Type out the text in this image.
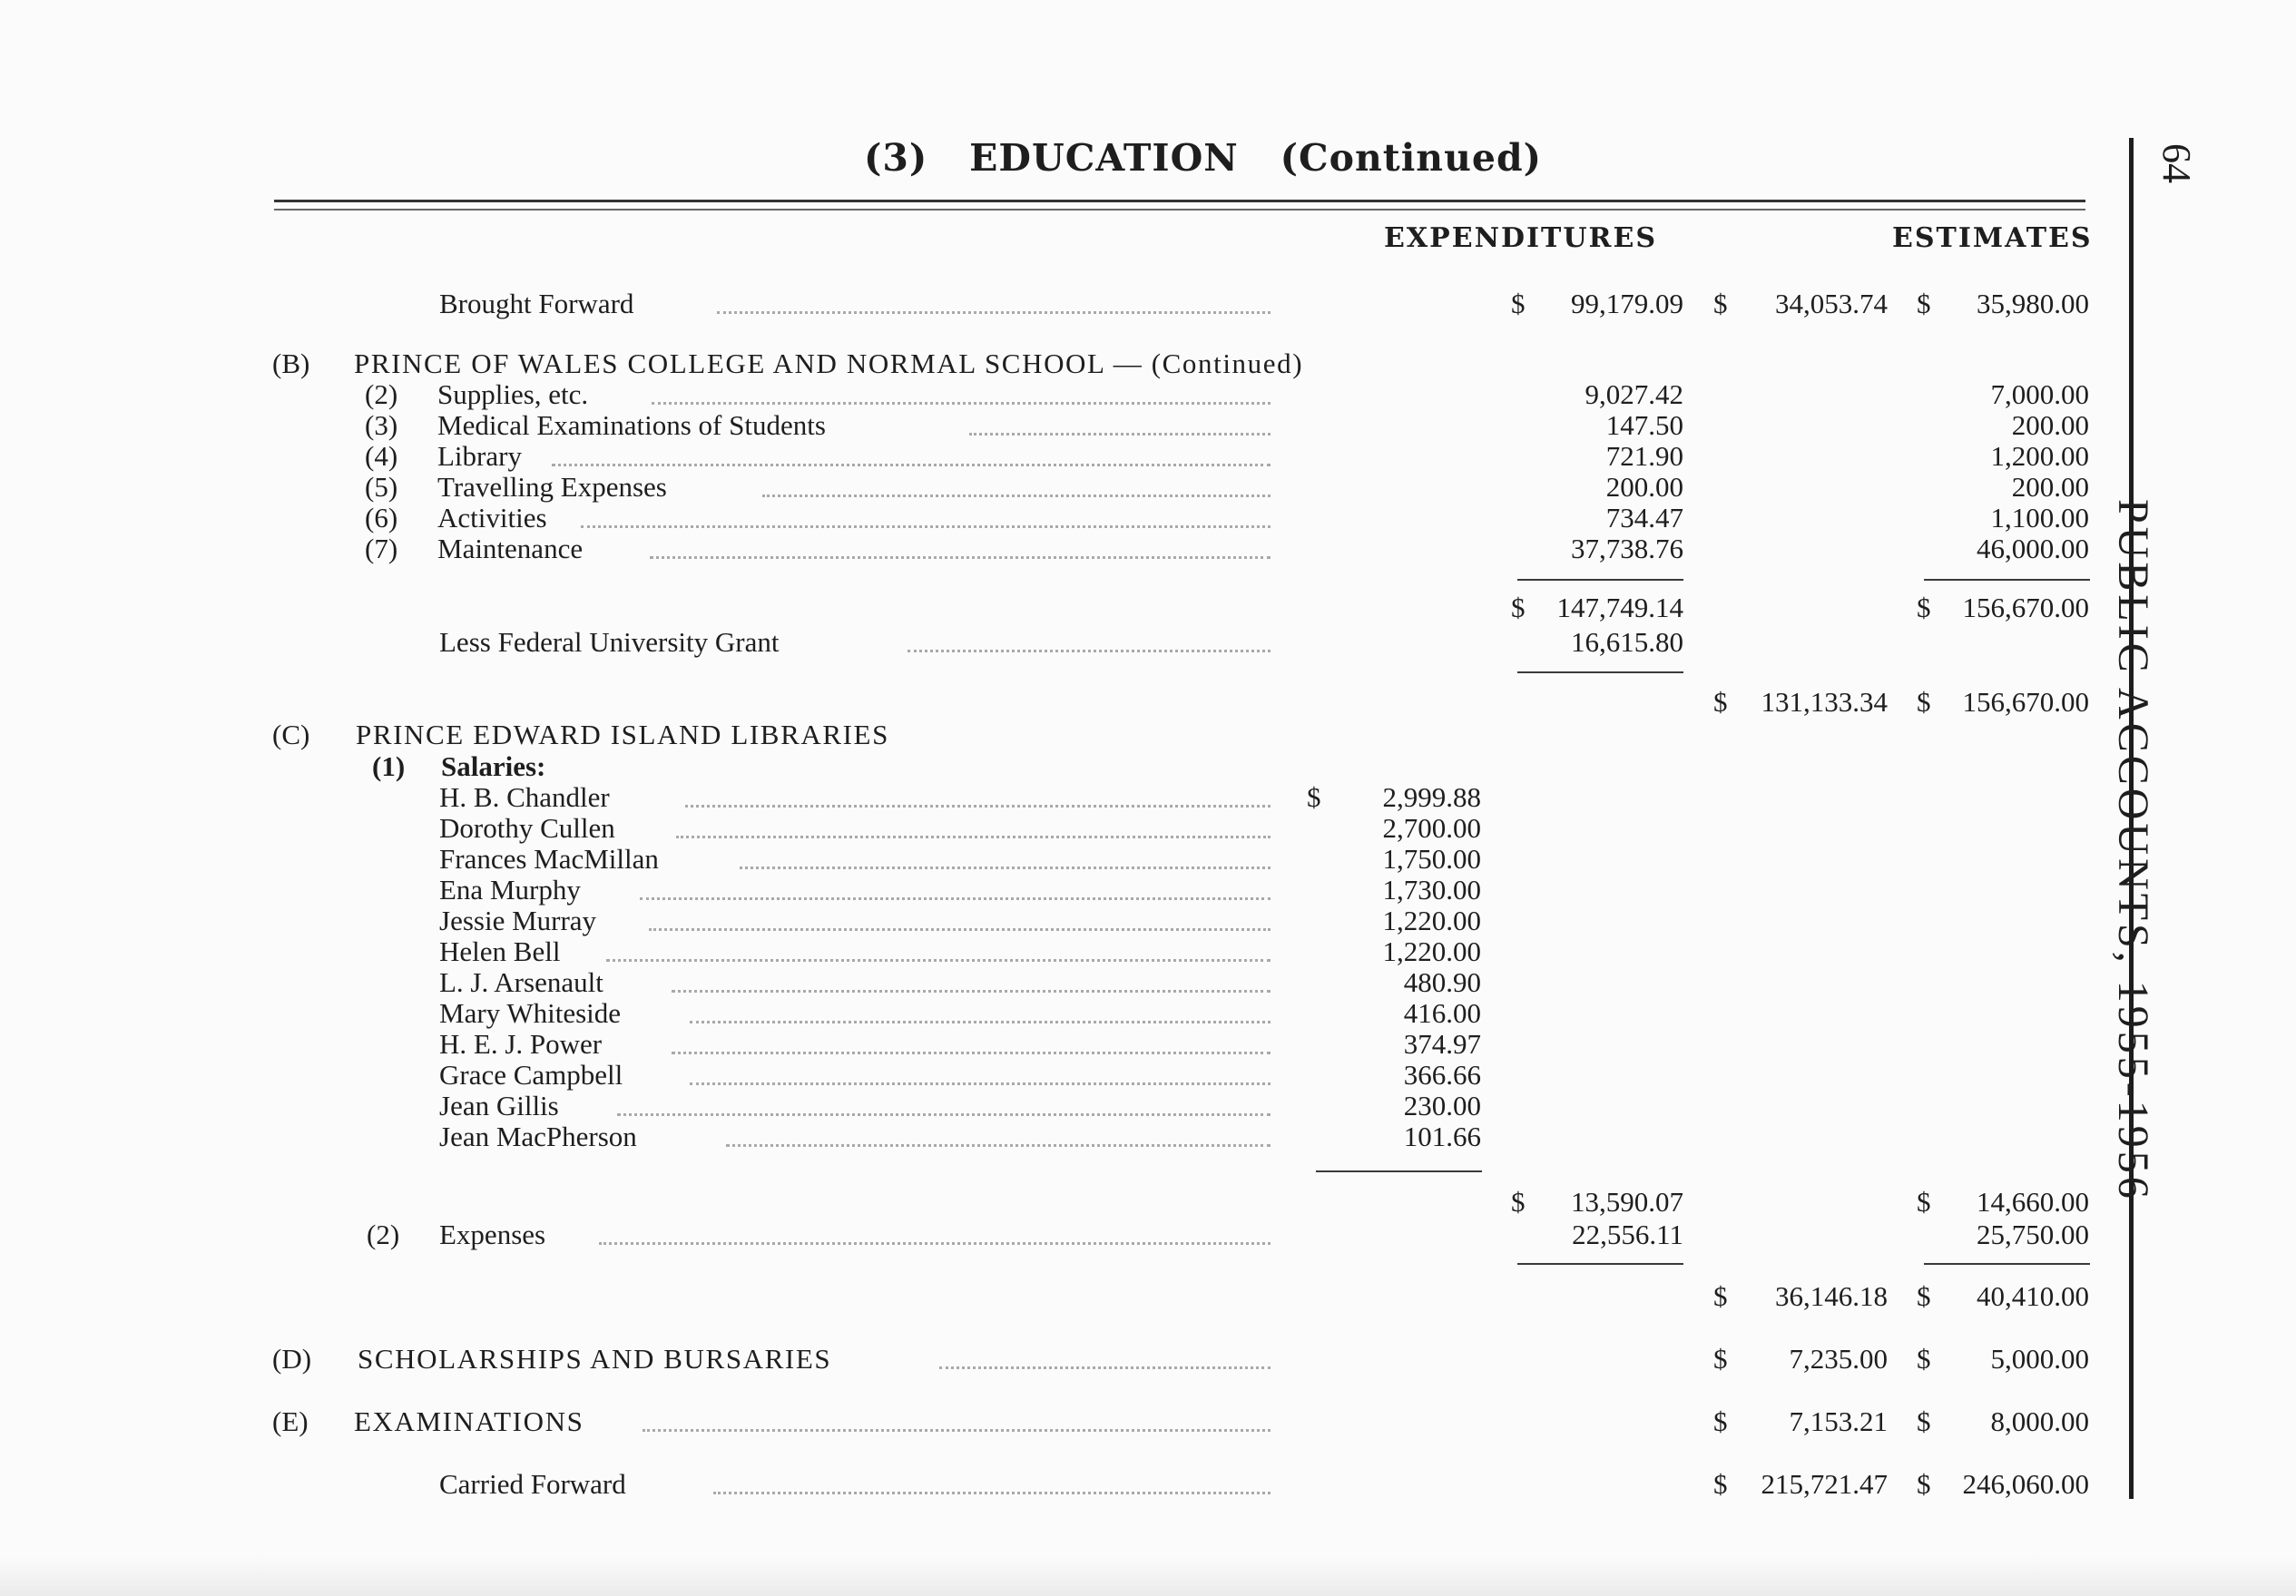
(3)   EDUCATION   (Continued)	64
PUBLIC ACCOUNTS, 1955-1956
EXPENDITURES	ESTIMATES
Brought Forward	$	99,179.09 $	34,053.74 $	35,980.00
(B) PRINCE OF WALES COLLEGE AND NORMAL SCHOOL — (Continued)
(2) Supplies, etc.	9,027.42	7,000.00
(3) Medical Examinations of Students	147.50	200.00
(4) Library	721.90	1,200.00
(5) Travelling Expenses	200.00	200.00
(6) Activities	734.47	1,100.00
(7) Maintenance	37,738.76	46,000.00
$	147,749.14	$	156,670.00
Less Federal University Grant	16,615.80
$	131,133.34 $	156,670.00
(C) PRINCE EDWARD ISLAND LIBRARIES
(1) Salaries:
$
H. B. Chandler	2,999.88
Dorothy Cullen	2,700.00
Frances MacMillan	1,750.00
Ena Murphy	1,730.00
Jessie Murray	1,220.00
Helen Bell	1,220.00
L. J. Arsenault	480.90
Mary Whiteside	416.00
H. E. J. Power	374.97
Grace Campbell	366.66
Jean Gillis	230.00
Jean MacPherson	101.66
$	13,590.07	$	14,660.00
(2) Expenses	22,556.11	25,750.00
$	36,146.18 $	40,410.00
(D) SCHOLARSHIPS AND BURSARIES	$	7,235.00 $	5,000.00
(E) EXAMINATIONS	$	7,153.21 $	8,000.00
Carried Forward	$	215,721.47 $	246,060.00
